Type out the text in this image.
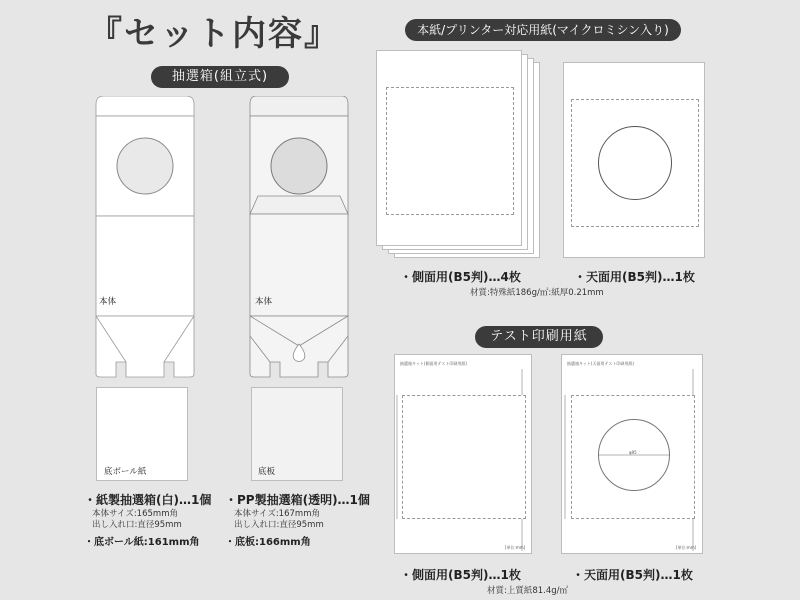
『セット内容』
抽選箱(組立式)
本紙/プリンター対応用紙(マイクロミシン入り)
テスト印刷用紙
本体
底ボール紙
・紙製抽選箱(白)…1個
本体サイズ:165mm角
出し入れ口:直径95mm
・底ボール紙:161mm角
本体
底板
・PP製抽選箱(透明)…1個
本体サイズ:167mm角
出し入れ口:直径95mm
・底板:166mm角
・側面用(B5判)…4枚	・天面用(B5判)…1枚
材質:特殊紙186g/㎡:紙厚0.21mm
抽選箱キット(側面用テスト印刷用紙)
[単位:mm]
・側面用(B5判)…1枚
抽選箱キット(天面用テスト印刷用紙)
φ95
[単位:mm]
・天面用(B5判)…1枚
材質:上質紙81.4g/㎡
